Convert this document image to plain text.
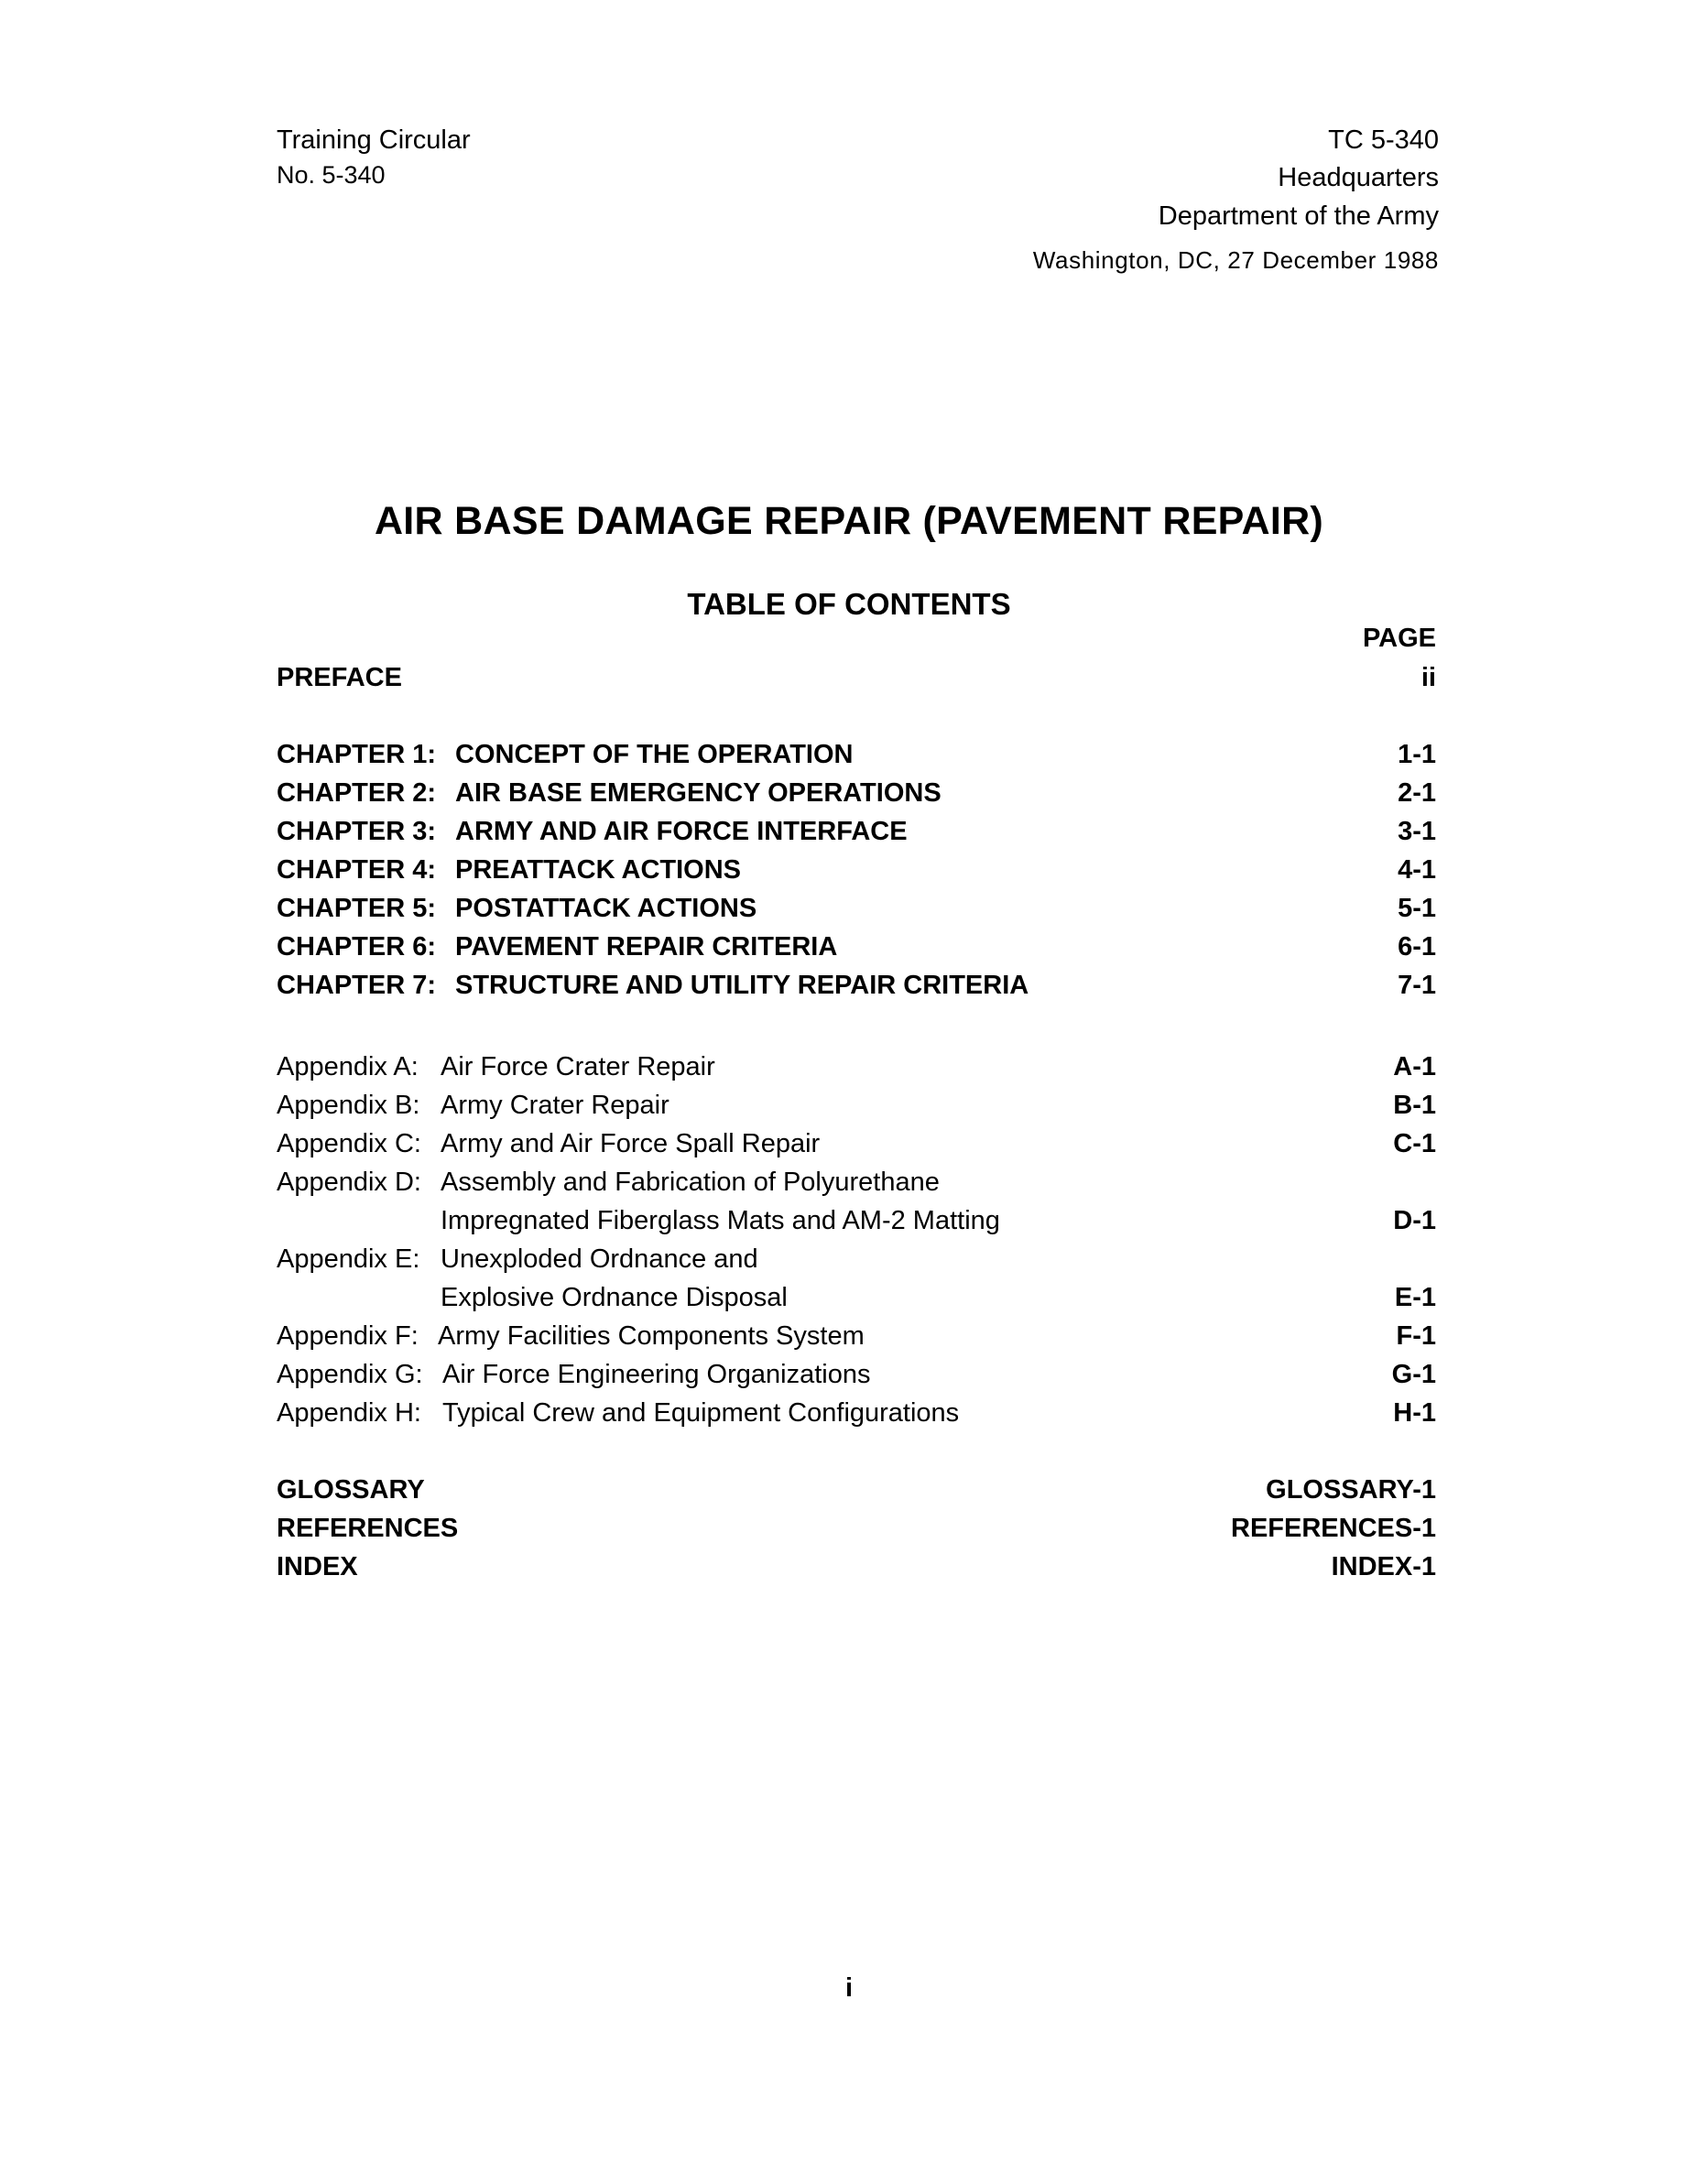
Training Circular
No. 5-340
TC 5-340
Headquarters
Department of the Army
Washington, DC, 27 December 1988
AIR BASE DAMAGE REPAIR (PAVEMENT REPAIR)
TABLE OF CONTENTS
PAGE
PREFACE	ii
CHAPTER 1: CONCEPT OF THE OPERATION	1-1
CHAPTER 2: AIR BASE EMERGENCY OPERATIONS	2-1
CHAPTER 3: ARMY AND AIR FORCE INTERFACE	3-1
CHAPTER 4: PREATTACK ACTIONS	4-1
CHAPTER 5: POSTATTACK ACTIONS	5-1
CHAPTER 6: PAVEMENT REPAIR CRITERIA	6-1
CHAPTER 7: STRUCTURE AND UTILITY REPAIR CRITERIA	7-1
Appendix A: Air Force Crater Repair	A-1
Appendix B: Army Crater Repair	B-1
Appendix C: Army and Air Force Spall Repair	C-1
Appendix D: Assembly and Fabrication of Polyurethane
Impregnated Fiberglass Mats and AM-2 Matting	D-1
Appendix E: Unexploded Ordnance and
Explosive Ordnance Disposal	E-1
Appendix F: Army Facilities Components System	F-1
Appendix G: Air Force Engineering Organizations	G-1
Appendix H: Typical Crew and Equipment Configurations	H-1
GLOSSARY	GLOSSARY-1
REFERENCES	REFERENCES-1
INDEX	INDEX-1
i
